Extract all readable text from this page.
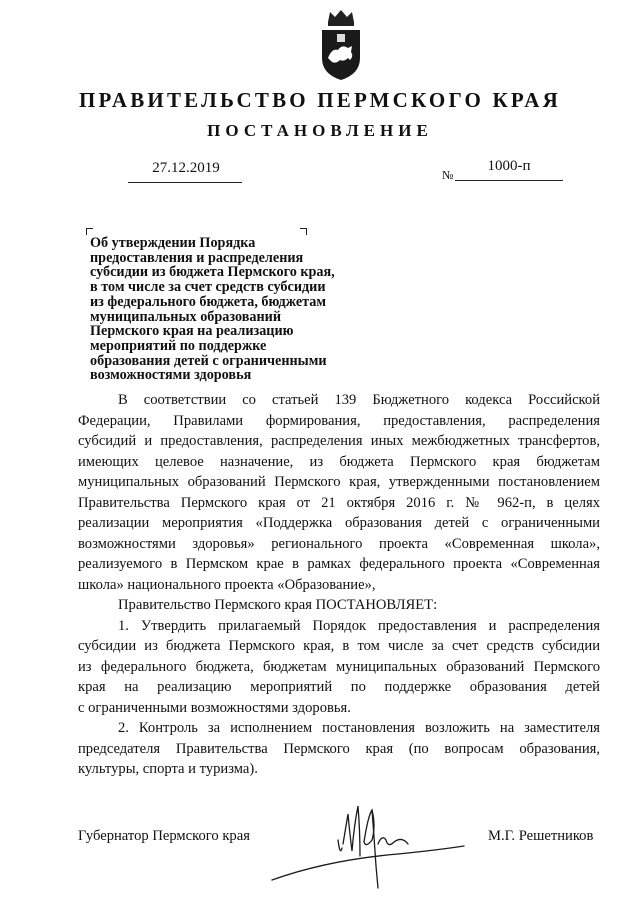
ПРАВИТЕЛЬСТВО ПЕРМСКОГО КРАЯ
ПОСТАНОВЛЕНИЕ
27.12.2019	№
1000-п
Об утверждении Порядка
предоставления и распределения
субсидии из бюджета Пермского края,
в том числе за счет средств субсидии
из федерального бюджета, бюджетам
муниципальных образований
Пермского края на реализацию
мероприятий по поддержке
образования детей с ограниченными
возможностями здоровья
В соответствии со статьей 139 Бюджетного кодекса Российской
Федерации, Правилами формирования, предоставления, распределения
субсидий и предоставления, распределения иных межбюджетных трансфертов,
имеющих целевое назначение, из бюджета Пермского края бюджетам
муниципальных образований Пермского края, утвержденными постановлением
Правительства Пермского края от 21 октября 2016 г. № 962-п, в целях
реализации мероприятия «Поддержка образования детей с ограниченными
возможностями здоровья» регионального проекта «Современная школа»,
реализуемого в Пермском крае в рамках федерального проекта «Современная
школа» национального проекта «Образование»,
Правительство Пермского края ПОСТАНОВЛЯЕТ:
1. Утвердить прилагаемый Порядок предоставления и распределения
субсидии из бюджета Пермского края, в том числе за счет средств субсидии
из федерального бюджета, бюджетам муниципальных образований Пермского
края на реализацию мероприятий по поддержке образования детей
с ограниченными возможностями здоровья.
2. Контроль за исполнением постановления возложить на заместителя
председателя Правительства Пермского края (по вопросам образования,
культуры, спорта и туризма).
Губернатор Пермского края	М.Г. Решетников
